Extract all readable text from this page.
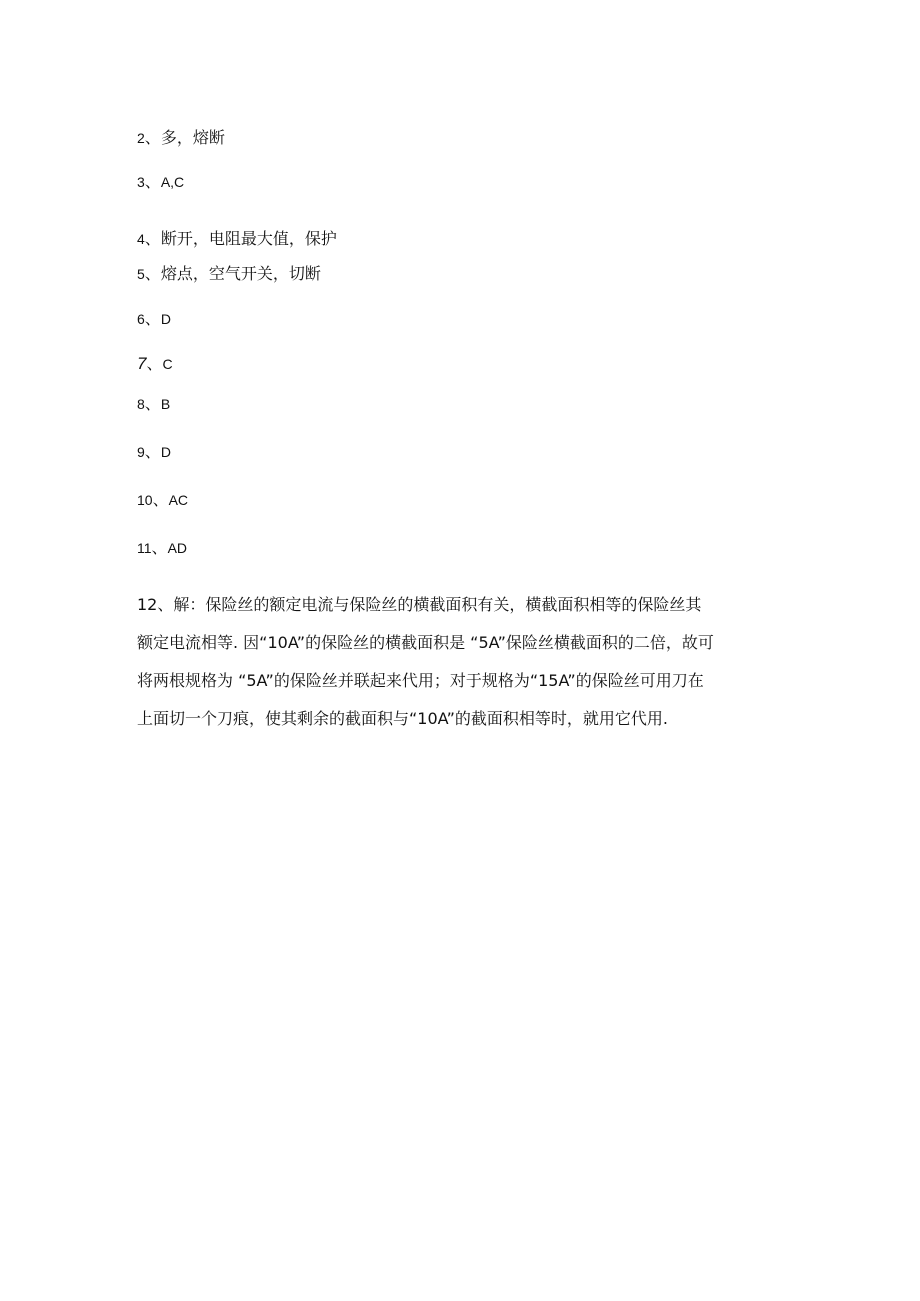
2、多，熔断
3、A,C
4、断开，电阻最大值，保护
5、熔点，空气开关，切断
6、D
7、C
8、B
9、D
10、AC
11、AD
12、解：保险丝的额定电流与保险丝的横截面积有关，横截面积相等的保险丝其
额定电流相等. 因“10A”的保险丝的横截面积是 “5A”保险丝横截面积的二倍，故可
将两根规格为 “5A”的保险丝并联起来代用；对于规格为“15A”的保险丝可用刀在
上面切一个刀痕，使其剩余的截面积与“10A”的截面积相等时，就用它代用.
